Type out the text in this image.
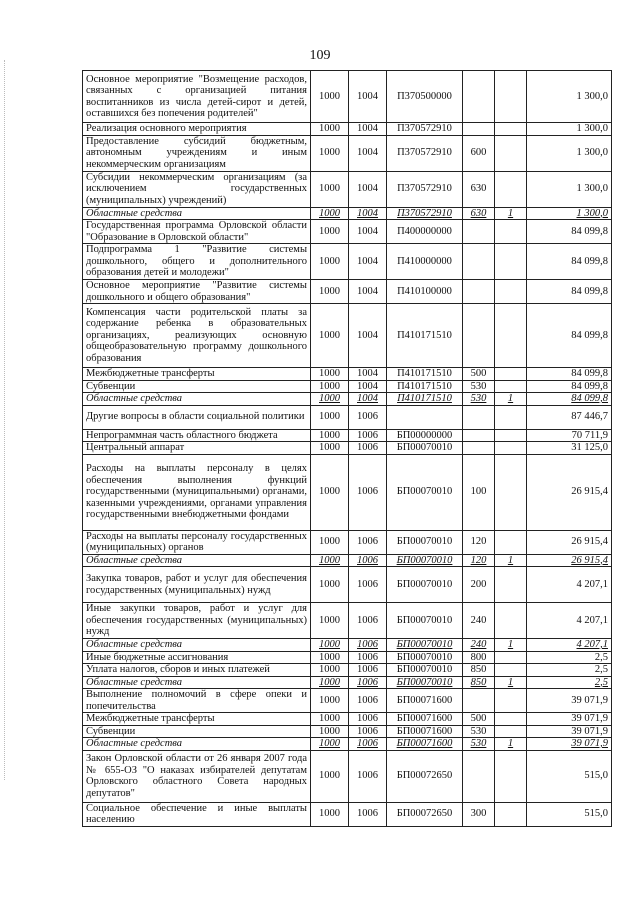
109
Основное мероприятие "Возмещение расходов, связанных с организацией питания воспитанников из числа детей-сирот и детей, оставшихся без попечения родителей"	1000	1004	П370500000			1 300,0
Реализация основного мероприятия	1000	1004	П370572910			1 300,0
Предоставление субсидий бюджетным, автономным учреждениям и иным некоммерческим организациям	1000	1004	П370572910	600		1 300,0
Субсидии некоммерческим организациям (за исключением государственных (муниципальных) учреждений)	1000	1004	П370572910	630		1 300,0
Областные средства	1000	1004	П370572910	630	1	1 300,0
Государственная программа Орловской области "Образование в Орловской области"	1000	1004	П400000000			84 099,8
Подпрограмма 1 "Развитие системы дошкольного, общего и дополнительного образования детей и молодежи"	1000	1004	П410000000			84 099,8
Основное мероприятие "Развитие системы дошкольного и общего образования"	1000	1004	П410100000			84 099,8
Компенсация части родительской платы за содержание ребенка в образовательных организациях, реализующих основную общеобразовательную программу дошкольного образования	1000	1004	П410171510			84 099,8
Межбюджетные трансферты	1000	1004	П410171510	500		84 099,8
Субвенции	1000	1004	П410171510	530		84 099,8
Областные средства	1000	1004	П410171510	530	1	84 099,8
Другие вопросы в области социальной политики	1000	1006				87 446,7
Непрограммная часть областного бюджета	1000	1006	БП00000000			70 711,9
Центральный аппарат	1000	1006	БП00070010			31 125,0
Расходы на выплаты персоналу в целях обеспечения выполнения функций государственными (муниципальными) органами, казенными учреждениями, органами управления государственными внебюджетными фондами	1000	1006	БП00070010	100		26 915,4
Расходы на выплаты персоналу государственных (муниципальных) органов	1000	1006	БП00070010	120		26 915,4
Областные средства	1000	1006	БП00070010	120	1	26 915,4
Закупка товаров, работ и услуг для обеспечения государственных (муниципальных) нужд	1000	1006	БП00070010	200		4 207,1
Иные закупки товаров, работ и услуг для обеспечения государственных (муниципальных) нужд	1000	1006	БП00070010	240		4 207,1
Областные средства	1000	1006	БП00070010	240	1	4 207,1
Иные бюджетные ассигнования	1000	1006	БП00070010	800		2,5
Уплата налогов, сборов и иных платежей	1000	1006	БП00070010	850		2,5
Областные средства	1000	1006	БП00070010	850	1	2,5
Выполнение полномочий в сфере опеки и попечительства	1000	1006	БП00071600			39 071,9
Межбюджетные трансферты	1000	1006	БП00071600	500		39 071,9
Субвенции	1000	1006	БП00071600	530		39 071,9
Областные средства	1000	1006	БП00071600	530	1	39 071,9
Закон Орловской области от 26 января 2007 года № 655-ОЗ "О наказах избирателей депутатам Орловского областного Совета народных депутатов"	1000	1006	БП00072650			515,0
Социальное обеспечение и иные выплаты населению	1000	1006	БП00072650	300		515,0
